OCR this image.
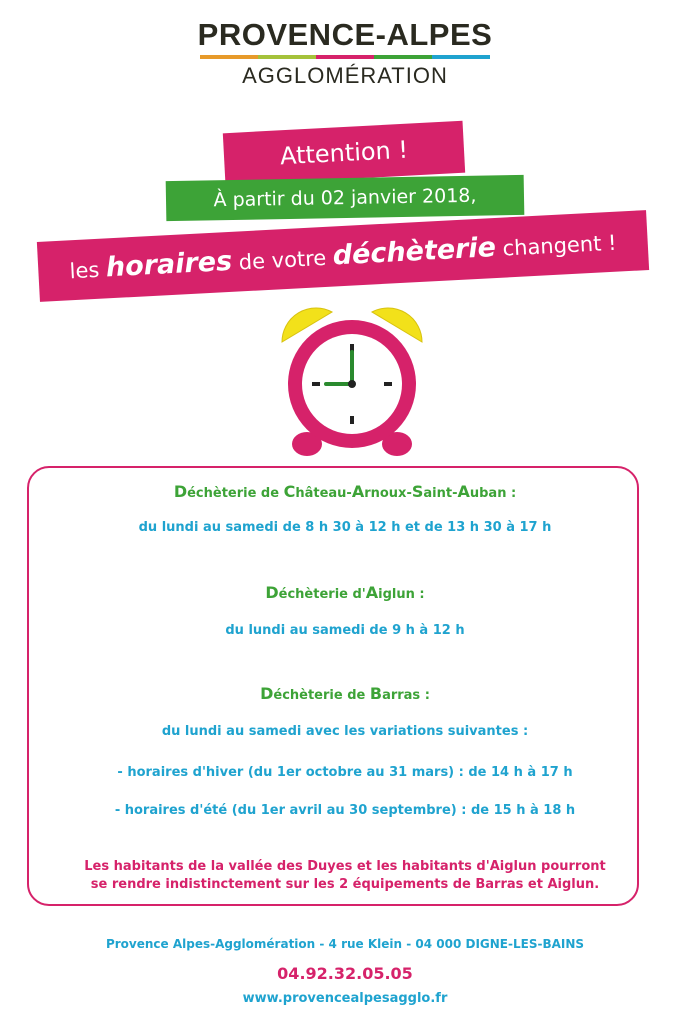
PROVENCE-ALPES
AGGLOMÉRATION
Attention !
À partir du 02 janvier 2018,
les horaires de votre déchèterie changent !
Déchèterie de Château-Arnoux-Saint-Auban :
du lundi au samedi de 8 h 30 à 12 h et de 13 h 30 à 17 h
Déchèterie d'Aiglun :
du lundi au samedi de 9 h à 12 h
Déchèterie de Barras :
du lundi au samedi avec les variations suivantes :
- horaires d'hiver (du 1er octobre au 31 mars) : de 14 h à 17 h
- horaires d'été (du 1er avril au 30 septembre) : de 15 h à 18 h
Les habitants de la vallée des Duyes et les habitants d'Aiglun pourront
se rendre indistinctement sur les 2 équipements de Barras et Aiglun.
Provence Alpes-Agglomération - 4 rue Klein - 04 000 DIGNE-LES-BAINS
04.92.32.05.05
www.provencealpesagglo.fr
